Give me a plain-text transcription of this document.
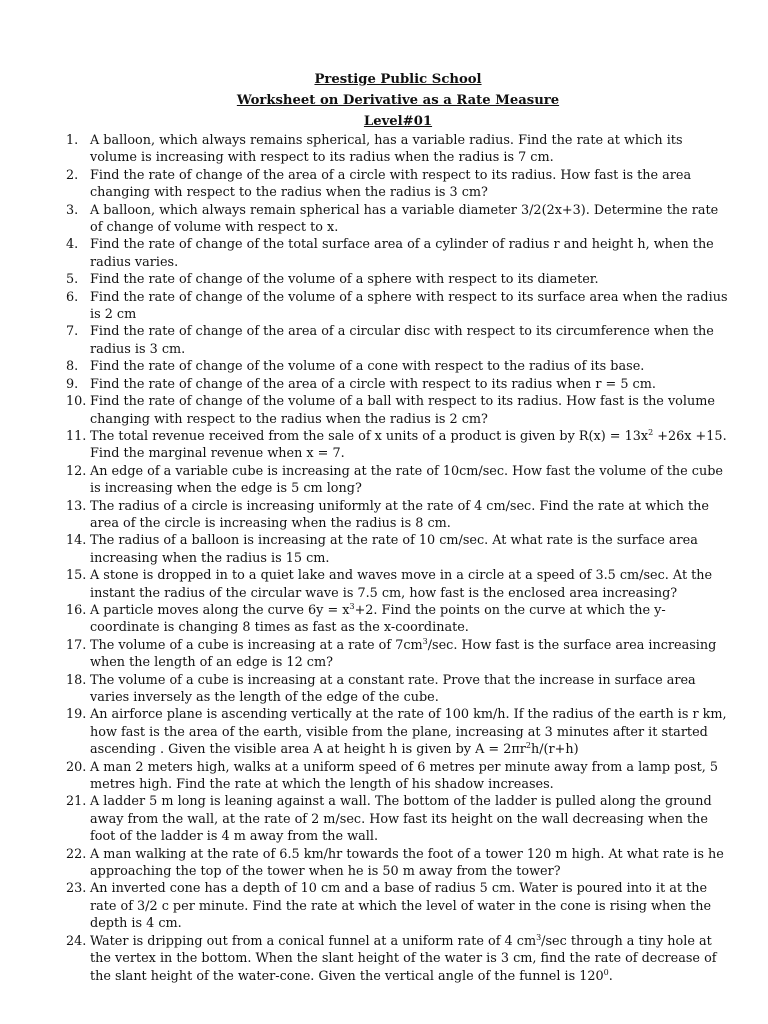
Prestige Public School
Worksheet on Derivative as a Rate Measure
Level#01
1. A balloon, which always remains spherical, has a variable radius. Find the rate at which its volume is increasing with respect to its radius when the radius is 7 cm.
2. Find the rate of change of the area of a circle with respect to its radius. How fast is the area changing with respect to the radius when the radius is 3 cm?
3. A balloon, which always remain spherical has a variable diameter 3/2(2x+3). Determine the rate of change of volume with respect to x.
4. Find the rate of change of the total surface area of a cylinder of radius r and height h, when the radius varies.
5. Find the rate of change of the volume of a sphere with respect to its diameter.
6. Find the rate of change of the volume of a sphere with respect to its surface area when the radius is 2 cm
7. Find the rate of change of the area of a circular disc with respect to its circumference when the radius is 3 cm.
8. Find the rate of change of the volume of a cone with respect to the radius of its base.
9. Find the rate of change of the area of a circle with respect to its radius when r = 5 cm.
10. Find the rate of change of the volume of a ball with respect to its radius. How fast is the volume changing with respect to the radius when the radius is 2 cm?
11. The total revenue received from the sale of x units of a product is given by $R(x) = 13x^2 +26x +15$. Find the marginal revenue when x = 7.
12. An edge of a variable cube is increasing at the rate of 10cm/sec. How fast the volume of the cube is increasing when the edge is 5 cm long?
13. The radius of a circle is increasing uniformly at the rate of 4 cm/sec. Find the rate at which the area of the circle is increasing when the radius is 8 cm.
14. The radius of a balloon is increasing at the rate of 10 cm/sec. At what rate is the surface area increasing when the radius is 15 cm.
15. A stone is dropped in to a quiet lake and waves move in a circle at a speed of 3.5 cm/sec. At the instant the radius of the circular wave is 7.5 cm, how fast is the enclosed area increasing?
16. A particle moves along the curve $6y = x^3+2$. Find the points on the curve at which the y-coordinate is changing 8 times as fast as the x-coordinate.
17. The volume of a cube is increasing at a rate of $7cm^3/\sec$. How fast is the surface area increasing when the length of an edge is 12 cm?
18. The volume of a cube is increasing at a constant rate. Prove that the increase in surface area varies inversely as the length of the edge of the cube.
19. An airforce plane is ascending vertically at the rate of 100 km/h. If the radius of the earth is r km, how fast is the area of the earth, visible from the plane, increasing at 3 minutes after it started ascending . Given the visible area A at height h is given by $A = 2\pi r^2h/(r+h)$
20. A man 2 meters high, walks at a uniform speed of 6 metres per minute away from a lamp post, 5 metres high. Find the rate at which the length of his shadow increases.
21. A ladder 5 m long is leaning against a wall. The bottom of the ladder is pulled along the ground away from the wall, at the rate of 2 m/sec. How fast its height on the wall decreasing when the foot of the ladder is 4 m away from the wall.
22. A man walking at the rate of 6.5 km/hr towards the foot of a tower 120 m high. At what rate is he approaching the top of the tower when he is 50 m away from the tower?
23. An inverted cone has a depth of 10 cm and a base of radius 5 cm. Water is poured into it at the rate of 3/2 c per minute. Find the rate at which the level of water in the cone is rising when the depth is 4 cm.
24. Water is dripping out from a conical funnel at a uniform rate of 4 $cm^3/\sec$ through a tiny hole at the vertex in the bottom. When the slant height of the water is 3 cm, find the rate of decrease of the slant height of the water-cone. Given the vertical angle of the funnel is $120^0$.
